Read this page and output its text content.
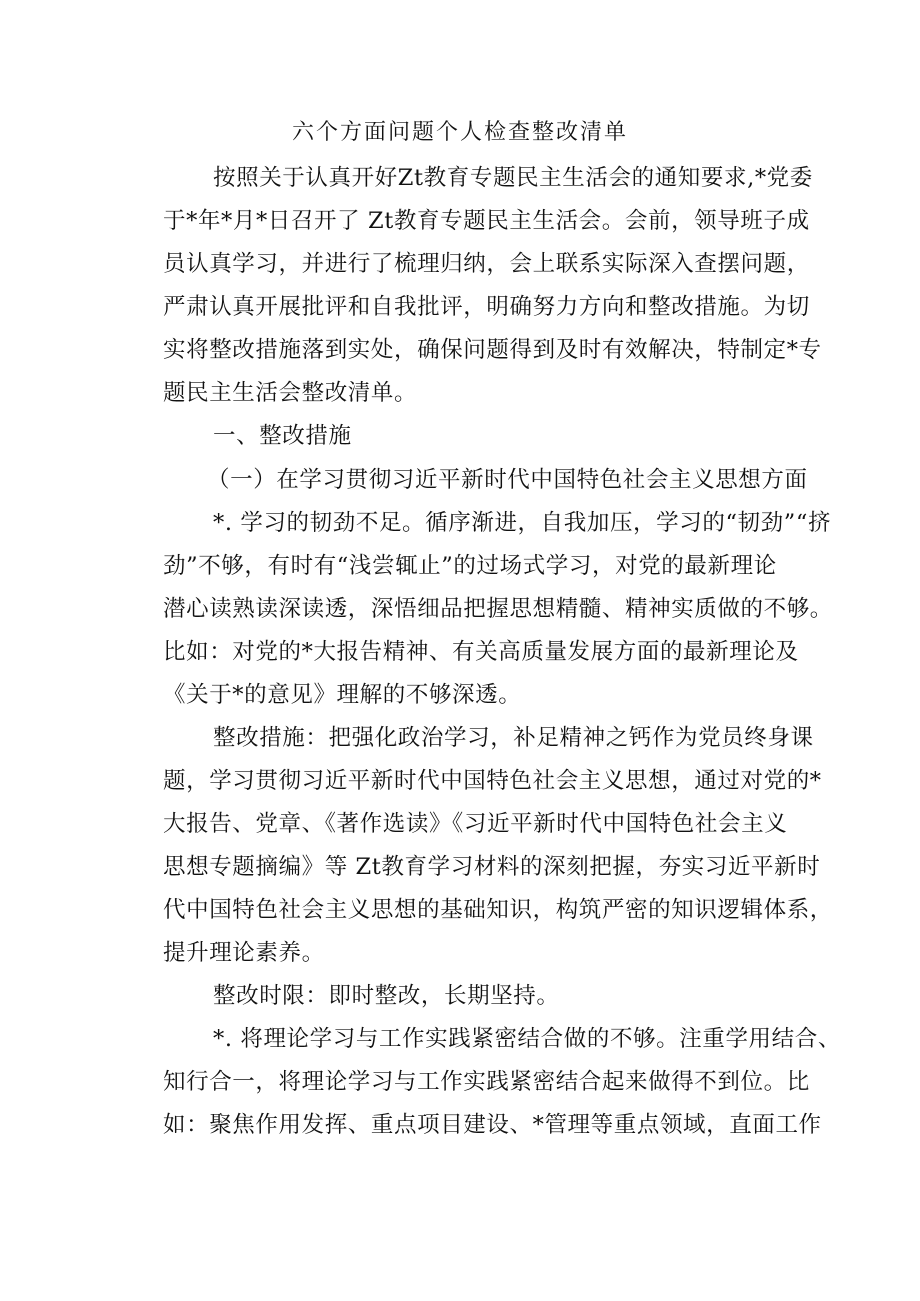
六个方面问题个人检查整改清单
按照关于认真开好Zt教育专题民主生活会的通知要求,*党委
于*年*月*日召开了 Zt教育专题民主生活会。会前，领导班子成
员认真学习，并进行了梳理归纳，会上联系实际深入查摆问题，
严肃认真开展批评和自我批评，明确努力方向和整改措施。为切
实将整改措施落到实处，确保问题得到及时有效解决，特制定*专
题民主生活会整改清单。
一、整改措施
（一）在学习贯彻习近平新时代中国特色社会主义思想方面
*. 学习的韧劲不足。循序渐进，自我加压，学习的“韧劲”“挤
劲”不够，有时有“浅尝辄止”的过场式学习，对党的最新理论
潜心读熟读深读透，深悟细品把握思想精髓、精神实质做的不够。
比如：对党的*大报告精神、有关高质量发展方面的最新理论及
《关于*的意见》理解的不够深透。
整改措施：把强化政治学习，补足精神之钙作为党员终身课
题，学习贯彻习近平新时代中国特色社会主义思想，通过对党的*
大报告、党章、《著作选读》《习近平新时代中国特色社会主义
思想专题摘编》等 Zt教育学习材料的深刻把握，夯实习近平新时
代中国特色社会主义思想的基础知识，构筑严密的知识逻辑体系，
提升理论素养。
整改时限：即时整改，长期坚持。
*. 将理论学习与工作实践紧密结合做的不够。注重学用结合、
知行合一，将理论学习与工作实践紧密结合起来做得不到位。比
如：聚焦作用发挥、重点项目建设、*管理等重点领域，直面工作
